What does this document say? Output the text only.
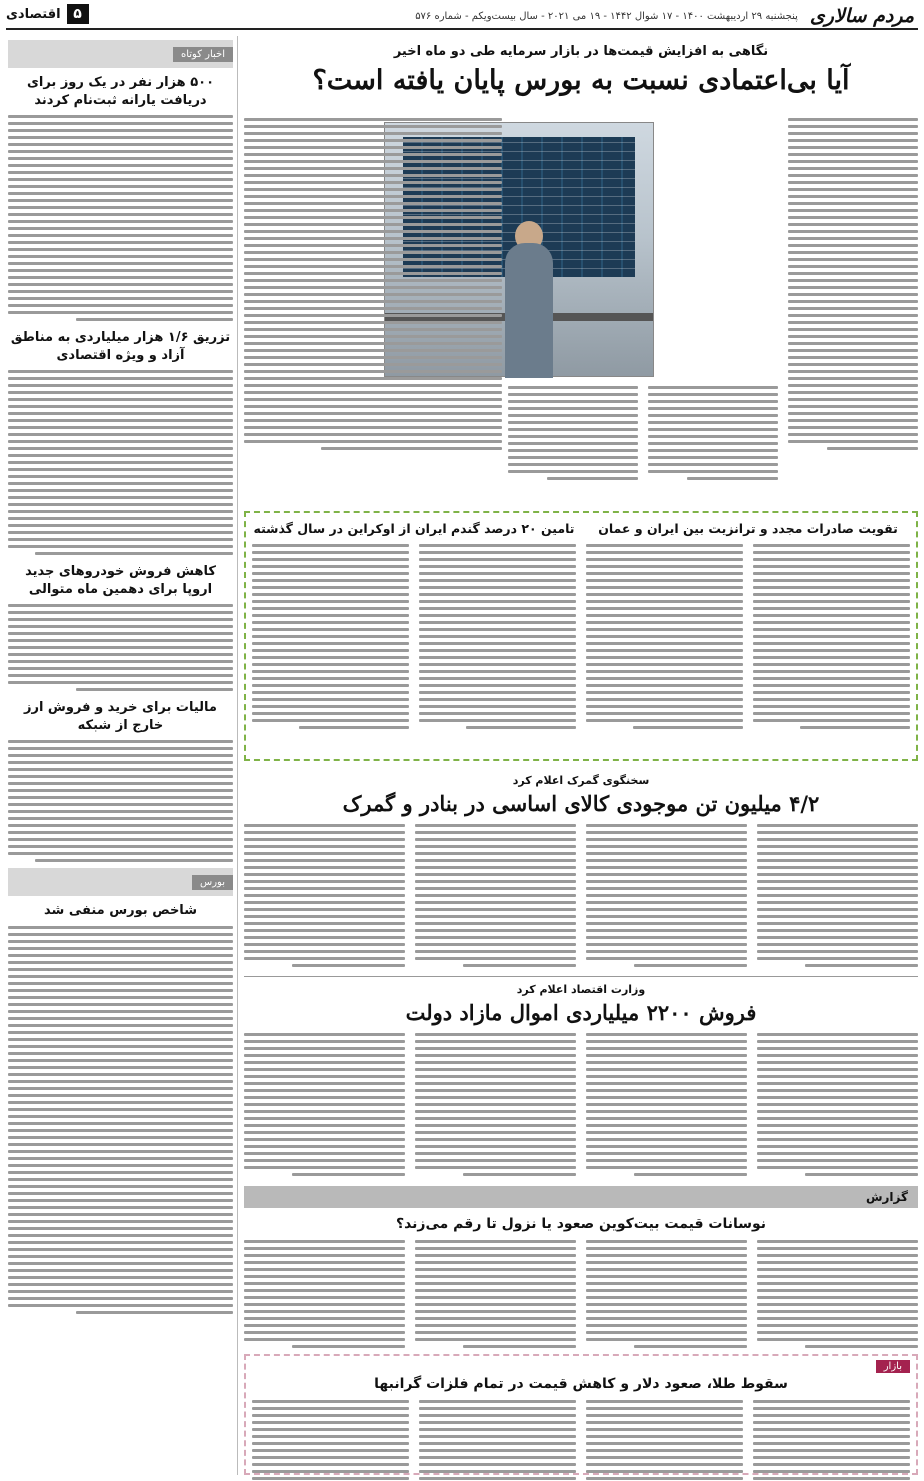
مردم سالاری
پنجشنبه ۲۹ اردیبهشت ۱۴۰۰ - ۱۷ شوال ۱۴۴۲ - ۱۹ می ۲۰۲۱ - سال بیست‌ویکم - شماره ۵۷۶
۵
اقتصادی
اخبار کوتاه
۵۰۰ هزار نفر در یک روز برای دریافت یارانه ثبت‌نام کردند
تزریق ۱/۶ هزار میلیاردی به مناطق آزاد و ویژه اقتصادی
کاهش فروش خودروهای جدید اروپا برای دهمین ماه متوالی
مالیات برای خرید و فروش ارز خارج از شبکه
بورس
شاخص بورس منفی شد
نگاهی به افزایش قیمت‌ها در بازار سرمایه طی دو ماه اخیر
آیا بی‌اعتمادی نسبت به بورس پایان یافته است؟
تقویت صادرات مجدد و ترانزیت بین ایران و عمان
تامین ۲۰ درصد گندم ایران از اوکراین در سال گذشته
سخنگوی گمرک اعلام کرد
۴/۲ میلیون تن موجودی کالای اساسی در بنادر و گمرک
وزارت اقتصاد اعلام کرد
فروش ۲۲۰۰ میلیاردی اموال مازاد دولت
گزارش
نوسانات قیمت بیت‌کوین صعود یا نزول تا رقم می‌زند؟
بازار
سقوط طلا، صعود دلار و کاهش قیمت در تمام فلزات گرانبها
